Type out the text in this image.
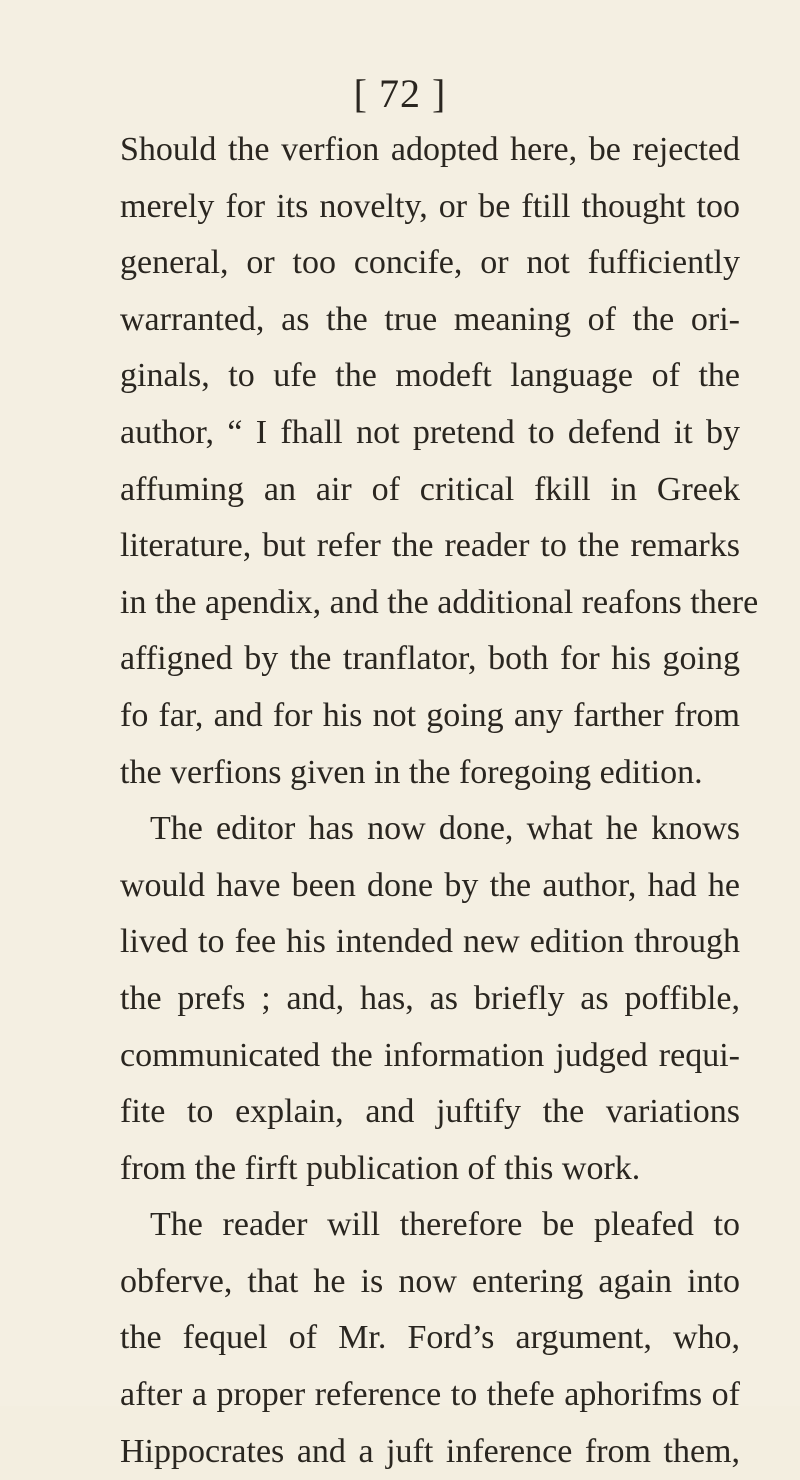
[ 72 ]
Should the verfion adopted here, be rejected
merely for its novelty, or be ftill thought too
general, or too concife, or not fufficiently
warranted, as the true meaning of the ori-
ginals, to ufe the modeft language of the
author, “ I fhall not pretend to defend it by
affuming an air of critical fkill in Greek
literature, but refer the reader to the remarks
in the apendix, and the additional reafons there
affigned by the tranflator, both for his going
fo far, and for his not going any farther from
the verfions given in the foregoing edition.
The editor has now done, what he knows
would have been done by the author, had he
lived to fee his intended new edition through
the prefs ; and, has, as briefly as poffible,
communicated the information judged requi-
fite to explain, and juftify the variations
from the firft publication of this work.
The reader will therefore be pleafed to
obferve, that he is now entering again into
the fequel of Mr. Ford’s argument, who,
after a proper reference to thefe aphorifms of
Hippocrates and a juft inference from them,
